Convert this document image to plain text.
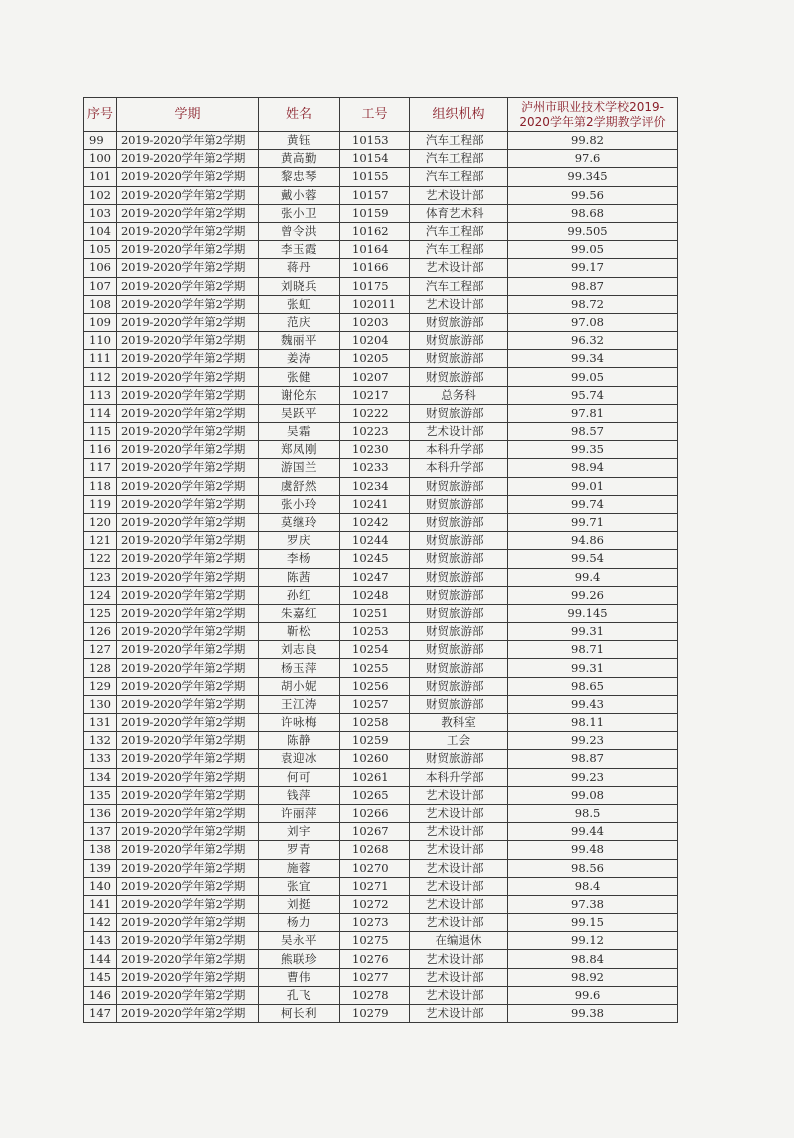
序号	学期	姓名	工号	组织机构	泸州市职业技术学校2019-2020学年第2学期教学评价
99	2019-2020学年第2学期	黄钰	10153	汽车工程部	99.82
100	2019-2020学年第2学期	黄高勤	10154	汽车工程部	97.6
101	2019-2020学年第2学期	黎忠琴	10155	汽车工程部	99.345
102	2019-2020学年第2学期	戴小蓉	10157	艺术设计部	99.56
103	2019-2020学年第2学期	张小卫	10159	体育艺术科	98.68
104	2019-2020学年第2学期	曾令洪	10162	汽车工程部	99.505
105	2019-2020学年第2学期	李玉霞	10164	汽车工程部	99.05
106	2019-2020学年第2学期	蒋丹	10166	艺术设计部	99.17
107	2019-2020学年第2学期	刘晓兵	10175	汽车工程部	98.87
108	2019-2020学年第2学期	张虹	102011	艺术设计部	98.72
109	2019-2020学年第2学期	范庆	10203	财贸旅游部	97.08
110	2019-2020学年第2学期	魏丽平	10204	财贸旅游部	96.32
111	2019-2020学年第2学期	姜涛	10205	财贸旅游部	99.34
112	2019-2020学年第2学期	张健	10207	财贸旅游部	99.05
113	2019-2020学年第2学期	谢伦东	10217	总务科	95.74
114	2019-2020学年第2学期	吴跃平	10222	财贸旅游部	97.81
115	2019-2020学年第2学期	吴霜	10223	艺术设计部	98.57
116	2019-2020学年第2学期	郑凤刚	10230	本科升学部	99.35
117	2019-2020学年第2学期	游国兰	10233	本科升学部	98.94
118	2019-2020学年第2学期	虞舒然	10234	财贸旅游部	99.01
119	2019-2020学年第2学期	张小玲	10241	财贸旅游部	99.74
120	2019-2020学年第2学期	莫继玲	10242	财贸旅游部	99.71
121	2019-2020学年第2学期	罗庆	10244	财贸旅游部	94.86
122	2019-2020学年第2学期	李杨	10245	财贸旅游部	99.54
123	2019-2020学年第2学期	陈茜	10247	财贸旅游部	99.4
124	2019-2020学年第2学期	孙红	10248	财贸旅游部	99.26
125	2019-2020学年第2学期	朱嘉红	10251	财贸旅游部	99.145
126	2019-2020学年第2学期	靳松	10253	财贸旅游部	99.31
127	2019-2020学年第2学期	刘志良	10254	财贸旅游部	98.71
128	2019-2020学年第2学期	杨玉萍	10255	财贸旅游部	99.31
129	2019-2020学年第2学期	胡小妮	10256	财贸旅游部	98.65
130	2019-2020学年第2学期	王江涛	10257	财贸旅游部	99.43
131	2019-2020学年第2学期	许咏梅	10258	教科室	98.11
132	2019-2020学年第2学期	陈静	10259	工会	99.23
133	2019-2020学年第2学期	袁迎冰	10260	财贸旅游部	98.87
134	2019-2020学年第2学期	何可	10261	本科升学部	99.23
135	2019-2020学年第2学期	钱萍	10265	艺术设计部	99.08
136	2019-2020学年第2学期	许丽萍	10266	艺术设计部	98.5
137	2019-2020学年第2学期	刘宇	10267	艺术设计部	99.44
138	2019-2020学年第2学期	罗青	10268	艺术设计部	99.48
139	2019-2020学年第2学期	施蓉	10270	艺术设计部	98.56
140	2019-2020学年第2学期	张宜	10271	艺术设计部	98.4
141	2019-2020学年第2学期	刘挺	10272	艺术设计部	97.38
142	2019-2020学年第2学期	杨力	10273	艺术设计部	99.15
143	2019-2020学年第2学期	吴永平	10275	在编退休	99.12
144	2019-2020学年第2学期	熊联珍	10276	艺术设计部	98.84
145	2019-2020学年第2学期	曹伟	10277	艺术设计部	98.92
146	2019-2020学年第2学期	孔飞	10278	艺术设计部	99.6
147	2019-2020学年第2学期	柯长利	10279	艺术设计部	99.38
